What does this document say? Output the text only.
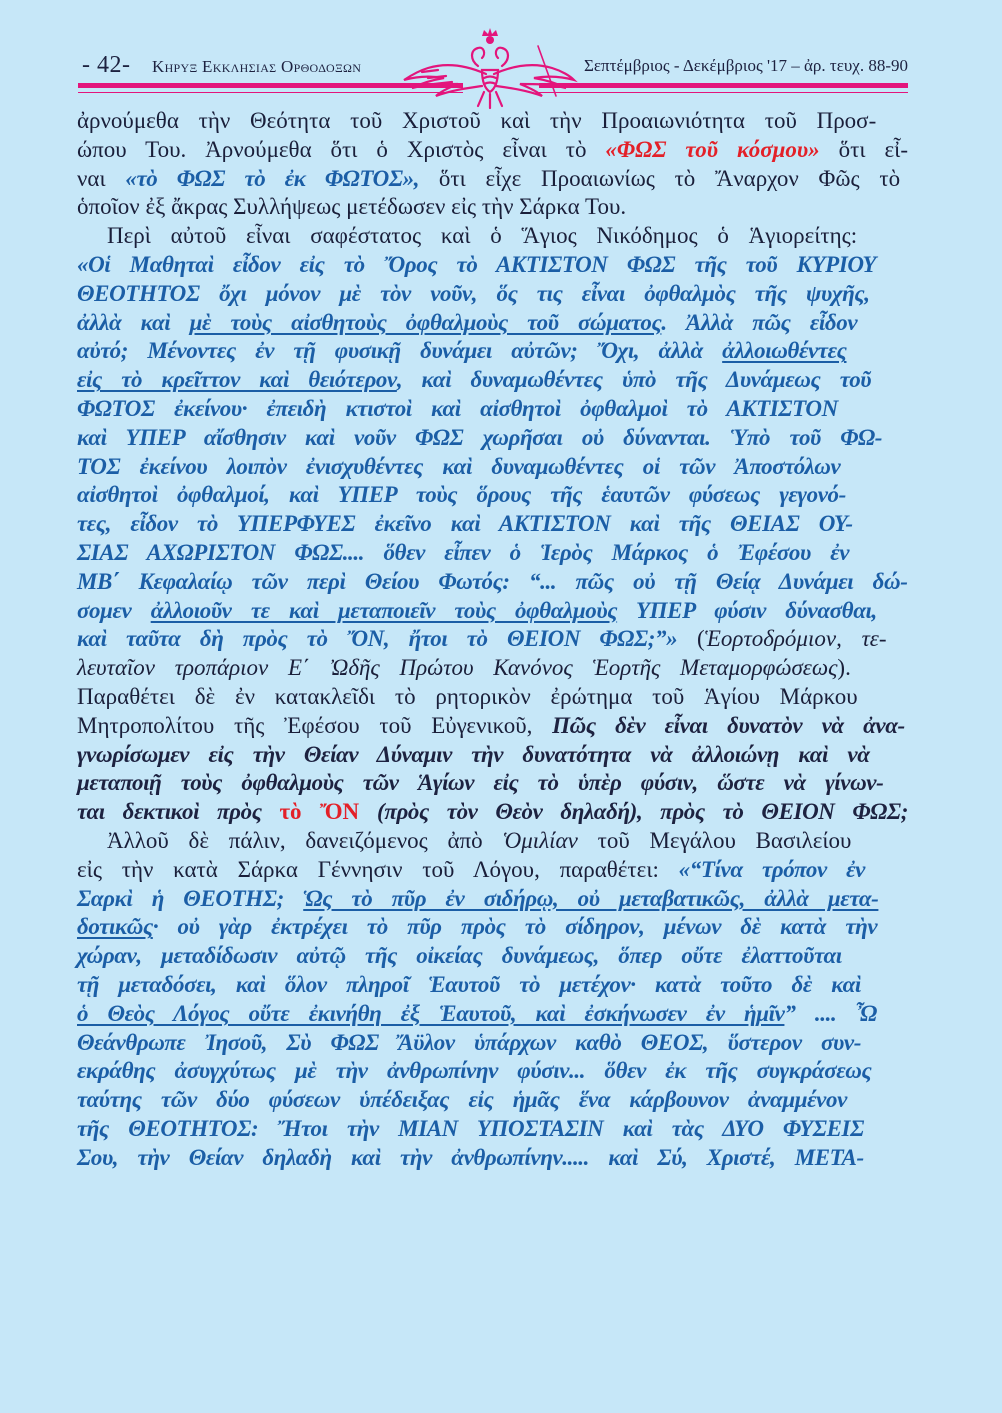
- 42- Κηρυξ Εκκλησιας Ορθοδοξων	Σεπτέμβριος - Δεκέμβριος '17 – ἀρ. τευχ. 88-90
ἀρνούμεθα τὴν Θεότητα τοῦ Χριστοῦ καὶ τὴν Προαιωνιότητα τοῦ Προσ-
ώπου Του. Ἀρνούμεθα ὅτι ὁ Χριστὸς εἶναι τὸ «ΦΩΣ τοῦ κόσμου» ὅτι εἶ-
ναι «τὸ ΦΩΣ τὸ ἐκ ΦΩΤΟΣ», ὅτι εἶχε Προαιωνίως τὸ Ἄναρχον Φῶς τὸ
ὁποῖον ἐξ ἄκρας Συλλήψεως μετέδωσεν εἰς τὴν Σάρκα Του.
Περὶ αὐτοῦ εἶναι σαφέστατος καὶ ὁ Ἅγιος Νικόδημος ὁ Ἁγιορείτης:
«Οἱ Μαθηταὶ εἶδον εἰς τὸ Ὄρος τὸ ΑΚΤΙΣΤΟΝ ΦΩΣ τῆς τοῦ ΚΥΡΙΟΥ
ΘΕΟΤΗΤΟΣ ὄχι μόνον μὲ τὸν νοῦν, ὅς τις εἶναι ὀφθαλμὸς τῆς ψυχῆς,
ἀλλὰ καὶ μὲ τοὺς αἰσθητοὺς ὀφθαλμοὺς τοῦ σώματος. Ἀλλὰ πῶς εἶδον
αὐτό; Μένοντες ἐν τῇ φυσικῇ δυνάμει αὐτῶν; Ὄχι, ἀλλὰ ἀλλοιωθέντες
εἰς τὸ κρεῖττον καὶ θειότερον, καὶ δυναμωθέντες ὑπὸ τῆς Δυνάμεως τοῦ
ΦΩΤΟΣ ἐκείνου· ἐπειδὴ κτιστοὶ καὶ αἰσθητοὶ ὀφθαλμοὶ τὸ ΑΚΤΙΣΤΟΝ
καὶ ΥΠΕΡ αἴσθησιν καὶ νοῦν ΦΩΣ χωρῆσαι οὐ δύνανται. Ὑπὸ τοῦ ΦΩ-
ΤΟΣ ἐκείνου λοιπὸν ἐνισχυθέντες καὶ δυναμωθέντες οἱ τῶν Ἀποστόλων
αἰσθητοὶ ὀφθαλμοί, καὶ ΥΠΕΡ τοὺς ὅρους τῆς ἑαυτῶν φύσεως γεγονό-
τες, εἶδον τὸ ΥΠΕΡΦΥΕΣ ἐκεῖνο καὶ ΑΚΤΙΣΤΟΝ καὶ τῆς ΘΕΙΑΣ ΟΥ-
ΣΙΑΣ ΑΧΩΡΙΣΤΟΝ ΦΩΣ.... ὅθεν εἶπεν ὁ Ἱερὸς Μάρκος ὁ Ἐφέσου ἐν
ΜΒ΄ Κεφαλαίῳ τῶν περὶ Θείου Φωτός: “... πῶς οὐ τῇ Θείᾳ Δυνάμει δώ-
σομεν ἀλλοιοῦν τε καὶ μεταποιεῖν τοὺς ὀφθαλμοὺς ΥΠΕΡ φύσιν δύνασθαι,
καὶ ταῦτα δὴ πρὸς τὸ ὌΝ, ἤτοι τὸ ΘΕΙΟΝ ΦΩΣ;”» (Ἑορτοδρόμιον, τε-
λευταῖον τροπάριον Ε΄ Ὠδῆς Πρώτου Κανόνος Ἑορτῆς Μεταμορφώσεως).
Παραθέτει δὲ ἐν κατακλεῖδι τὸ ρητορικὸν ἐρώτημα τοῦ Ἁγίου Μάρκου
Μητροπολίτου τῆς Ἐφέσου τοῦ Εὐγενικοῦ, Πῶς δὲν εἶναι δυνατὸν νὰ ἀνα-
γνωρίσωμεν εἰς τὴν Θείαν Δύναμιν τὴν δυνατότητα νὰ ἀλλοιώνῃ καὶ νὰ
μεταποιῇ τοὺς ὀφθαλμοὺς τῶν Ἁγίων εἰς τὸ ὑπὲρ φύσιν, ὥστε νὰ γίνων-
ται δεκτικοὶ πρὸς τὸ ὌΝ (πρὸς τὸν Θεὸν δηλαδή), πρὸς τὸ ΘΕΙΟΝ ΦΩΣ;
Ἀλλοῦ δὲ πάλιν, δανειζόμενος ἀπὸ Ὁμιλίαν τοῦ Μεγάλου Βασιλείου
εἰς τὴν κατὰ Σάρκα Γέννησιν τοῦ Λόγου, παραθέτει: «“Τίνα τρόπον ἐν
Σαρκὶ ἡ ΘΕΟΤΗΣ; Ὡς τὸ πῦρ ἐν σιδήρῳ, οὐ μεταβατικῶς, ἀλλὰ μετα-
δοτικῶς· οὐ γὰρ ἐκτρέχει τὸ πῦρ πρὸς τὸ σίδηρον, μένων δὲ κατὰ τὴν
χώραν, μεταδίδωσιν αὐτῷ τῆς οἰκείας δυνάμεως, ὅπερ οὔτε ἐλαττοῦται
τῇ μεταδόσει, καὶ ὅλον πληροῖ Ἑαυτοῦ τὸ μετέχον· κατὰ τοῦτο δὲ καὶ
ὁ Θεὸς Λόγος οὔτε ἐκινήθη ἐξ Ἑαυτοῦ, καὶ ἐσκήνωσεν ἐν ἡμῖν” .... Ὦ
Θεάνθρωπε Ἰησοῦ, Σὺ ΦΩΣ Ἄϋλον ὑπάρχων καθὸ ΘΕΟΣ, ὕστερον συν-
εκράθης ἀσυγχύτως μὲ τὴν ἀνθρωπίνην φύσιν... ὅθεν ἐκ τῆς συγκράσεως
ταύτης τῶν δύο φύσεων ὑπέδειξας εἰς ἡμᾶς ἕνα κάρβουνον ἀναμμένον
τῆς ΘΕΟΤΗΤΟΣ: Ἤτοι τὴν ΜΙΑΝ ΥΠΟΣΤΑΣΙΝ καὶ τὰς ΔΥΟ ΦΥΣΕΙΣ
Σου, τὴν Θείαν δηλαδὴ καὶ τὴν ἀνθρωπίνην..... καὶ Σύ, Χριστέ, ΜΕΤΑ-
